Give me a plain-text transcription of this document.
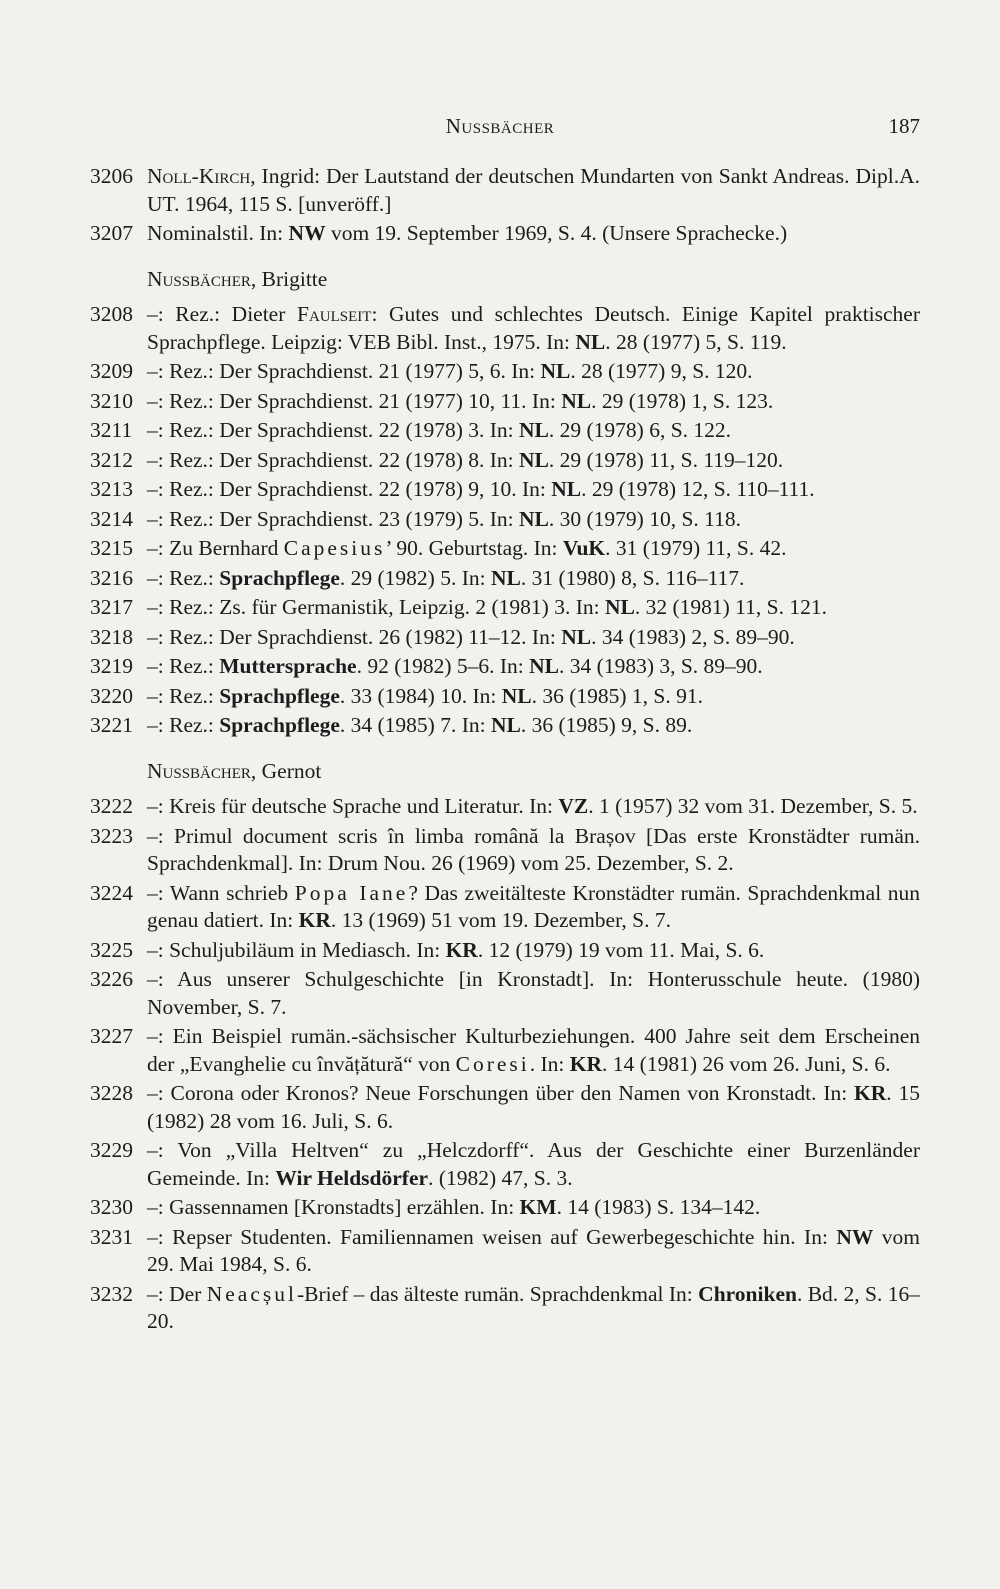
Nussbächer	187
3206 Noll-Kirch, Ingrid: Der Lautstand der deutschen Mundarten von Sankt Andreas. Dipl.A. UT. 1964, 115 S. [unveröff.]
3207 Nominalstil. In: NW vom 19. September 1969, S. 4. (Unsere Sprachecke.)
Nussbächer, Brigitte
3208 –: Rez.: Dieter Faulseit: Gutes und schlechtes Deutsch. Einige Kapitel praktischer Sprachpflege. Leipzig: VEB Bibl. Inst., 1975. In: NL. 28 (1977) 5, S. 119.
3209 –: Rez.: Der Sprachdienst. 21 (1977) 5, 6. In: NL. 28 (1977) 9, S. 120.
3210 –: Rez.: Der Sprachdienst. 21 (1977) 10, 11. In: NL. 29 (1978) 1, S. 123.
3211 –: Rez.: Der Sprachdienst. 22 (1978) 3. In: NL. 29 (1978) 6, S. 122.
3212 –: Rez.: Der Sprachdienst. 22 (1978) 8. In: NL. 29 (1978) 11, S. 119–120.
3213 –: Rez.: Der Sprachdienst. 22 (1978) 9, 10. In: NL. 29 (1978) 12, S. 110–111.
3214 –: Rez.: Der Sprachdienst. 23 (1979) 5. In: NL. 30 (1979) 10, S. 118.
3215 –: Zu Bernhard Capesius’ 90. Geburtstag. In: VuK. 31 (1979) 11, S. 42.
3216 –: Rez.: Sprachpflege. 29 (1982) 5. In: NL. 31 (1980) 8, S. 116–117.
3217 –: Rez.: Zs. für Germanistik, Leipzig. 2 (1981) 3. In: NL. 32 (1981) 11, S. 121.
3218 –: Rez.: Der Sprachdienst. 26 (1982) 11–12. In: NL. 34 (1983) 2, S. 89–90.
3219 –: Rez.: Muttersprache. 92 (1982) 5–6. In: NL. 34 (1983) 3, S. 89–90.
3220 –: Rez.: Sprachpflege. 33 (1984) 10. In: NL. 36 (1985) 1, S. 91.
3221 –: Rez.: Sprachpflege. 34 (1985) 7. In: NL. 36 (1985) 9, S. 89.
Nussbächer, Gernot
3222 –: Kreis für deutsche Sprache und Literatur. In: VZ. 1 (1957) 32 vom 31. Dezember, S. 5.
3223 –: Primul document scris în limba română la Brașov [Das erste Kronstädter rumän. Sprachdenkmal]. In: Drum Nou. 26 (1969) vom 25. Dezember, S. 2.
3224 –: Wann schrieb Popa Iane? Das zweitälteste Kronstädter rumän. Sprachdenkmal nun genau datiert. In: KR. 13 (1969) 51 vom 19. Dezember, S. 7.
3225 –: Schuljubiläum in Mediasch. In: KR. 12 (1979) 19 vom 11. Mai, S. 6.
3226 –: Aus unserer Schulgeschichte [in Kronstadt]. In: Honterusschule heute. (1980) November, S. 7.
3227 –: Ein Beispiel rumän.-sächsischer Kulturbeziehungen. 400 Jahre seit dem Erscheinen der „Evanghelie cu învățătură“ von Coresi. In: KR. 14 (1981) 26 vom 26. Juni, S. 6.
3228 –: Corona oder Kronos? Neue Forschungen über den Namen von Kronstadt. In: KR. 15 (1982) 28 vom 16. Juli, S. 6.
3229 –: Von „Villa Heltven“ zu „Helczdorff“. Aus der Geschichte einer Burzenländer Gemeinde. In: Wir Heldsdörfer. (1982) 47, S. 3.
3230 –: Gassennamen [Kronstadts] erzählen. In: KM. 14 (1983) S. 134–142.
3231 –: Repser Studenten. Familiennamen weisen auf Gewerbegeschichte hin. In: NW vom 29. Mai 1984, S. 6.
3232 –: Der Neacșul-Brief – das älteste rumän. Sprachdenkmal In: Chroniken. Bd. 2, S. 16–20.
